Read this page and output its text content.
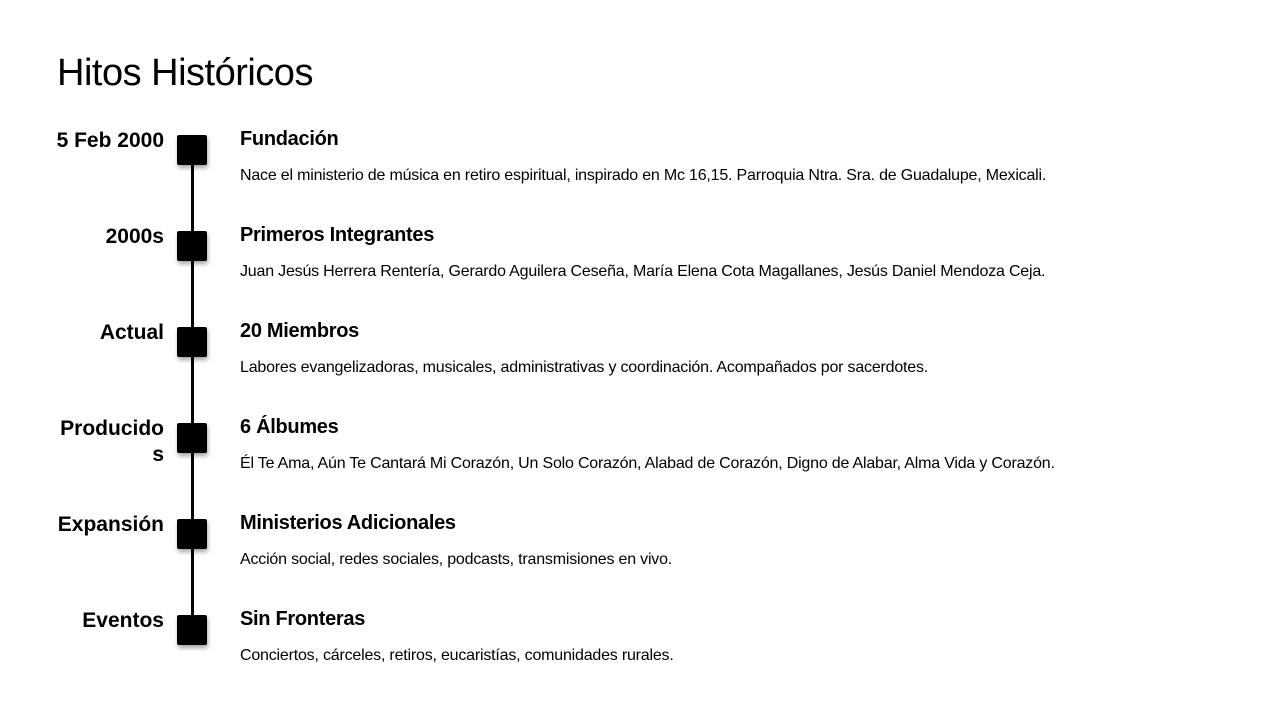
Hitos Históricos
5 Feb 2000	Fundación

Nace el ministerio de música en retiro espiritual, inspirado en Mc 16,15. Parroquia Ntra. Sra. de Guadalupe, Mexicali.

2000s	Primeros Integrantes

Juan Jesús Herrera Rentería, Gerardo Aguilera Ceseña, María Elena Cota Magallanes, Jesús Daniel Mendoza Ceja.

Actual	20 Miembros

Labores evangelizadoras, musicales, administrativas y coordinación. Acompañados por sacerdotes.

Producidos
6 Álbumes

Él Te Ama, Aún Te Cantará Mi Corazón, Un Solo Corazón, Alabad de Corazón, Digno de Alabar, Alma Vida y Corazón.

Expansión	Ministerios Adicionales

Acción social, redes sociales, podcasts, transmisiones en vivo.

Eventos	Sin Fronteras

Conciertos, cárceles, retiros, eucaristías, comunidades rurales.
